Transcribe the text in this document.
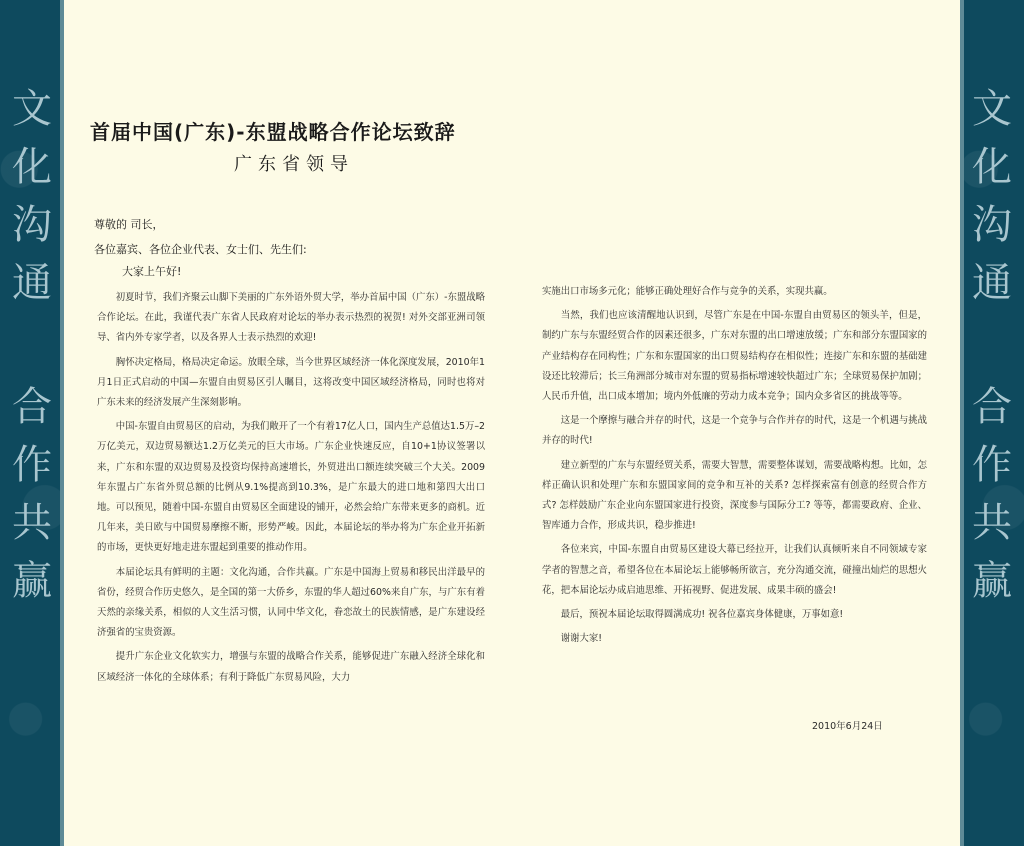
文
化
沟
通
合
作
共
赢
文
化
沟
通
合
作
共
赢
首届中国(广东)-东盟战略合作论坛致辞
广东省领导
尊敬的 司长，
各位嘉宾、各位企业代表、女士们、先生们:
大家上午好!

初夏时节，我们齐聚云山脚下美丽的广东外语外贸大学，举办首届中国（广东）-东盟战略合作论坛。在此，我谨代表广东省人民政府对论坛的举办表示热烈的祝贺! 对外交部亚洲司领导、省内外专家学者，以及各界人士表示热烈的欢迎!

胸怀决定格局，格局决定命运。放眼全球，当今世界区域经济一体化深度发展，2010年1月1日正式启动的中国—东盟自由贸易区引人瞩目，这将改变中国区域经济格局，同时也将对广东未来的经济发展产生深刻影响。

中国-东盟自由贸易区的启动，为我们敞开了一个有着17亿人口，国内生产总值达1.5万–2万亿美元，双边贸易额达1.2万亿美元的巨大市场。广东企业快速反应，自10+1协议签署以来，广东和东盟的双边贸易及投资均保持高速增长，外贸进出口额连续突破三个大关。2009年东盟占广东省外贸总额的比例从9.1%提高到10.3%，是广东最大的进口地和第四大出口地。可以预见，随着中国-东盟自由贸易区全面建设的铺开，必然会给广东带来更多的商机。近几年来，美日欧与中国贸易摩擦不断，形势严峻。因此，本届论坛的举办将为广东企业开拓新的市场，更快更好地走进东盟起到重要的推动作用。

本届论坛具有鲜明的主题：文化沟通，合作共赢。广东是中国海上贸易和移民出洋最早的省份，经贸合作历史悠久，是全国的第一大侨乡，东盟的华人超过60%来自广东，与广东有着天然的亲缘关系，相似的人文生活习惯，认同中华文化，眷恋故土的民族情感，是广东建设经济强省的宝贵资源。

提升广东企业文化软实力，增强与东盟的战略合作关系，能够促进广东融入经济全球化和区域经济一体化的全球体系；有利于降低广东贸易风险，大力

实施出口市场多元化；能够正确处理好合作与竞争的关系，实现共赢。

当然，我们也应该清醒地认识到，尽管广东是在中国-东盟自由贸易区的领头羊，但是，制约广东与东盟经贸合作的因素还很多，广东对东盟的出口增速放缓；广东和部分东盟国家的产业结构存在同构性；广东和东盟国家的出口贸易结构存在相似性；连接广东和东盟的基础建设还比较滞后；长三角洲部分城市对东盟的贸易指标增速较快超过广东；全球贸易保护加剧；人民币升值，出口成本增加；境内外低廉的劳动力成本竞争；国内众多省区的挑战等等。

这是一个摩擦与融合并存的时代，这是一个竞争与合作并存的时代，这是一个机遇与挑战并存的时代!

建立新型的广东与东盟经贸关系，需要大智慧，需要整体谋划，需要战略构想。比如，怎样正确认识和处理广东和东盟国家间的竞争和互补的关系? 怎样探索富有创意的经贸合作方式? 怎样鼓励广东企业向东盟国家进行投资，深度参与国际分工? 等等，都需要政府、企业、智库通力合作，形成共识，稳步推进!

各位来宾，中国-东盟自由贸易区建设大幕已经拉开，让我们认真倾听来自不同领域专家学者的智慧之音，希望各位在本届论坛上能够畅所欲言，充分沟通交流，碰撞出灿烂的思想火花，把本届论坛办成启迪思维、开拓视野、促进发展、成果丰硕的盛会!

最后，预祝本届论坛取得圆满成功! 祝各位嘉宾身体健康，万事如意!

谢谢大家!

2010年6月24日
